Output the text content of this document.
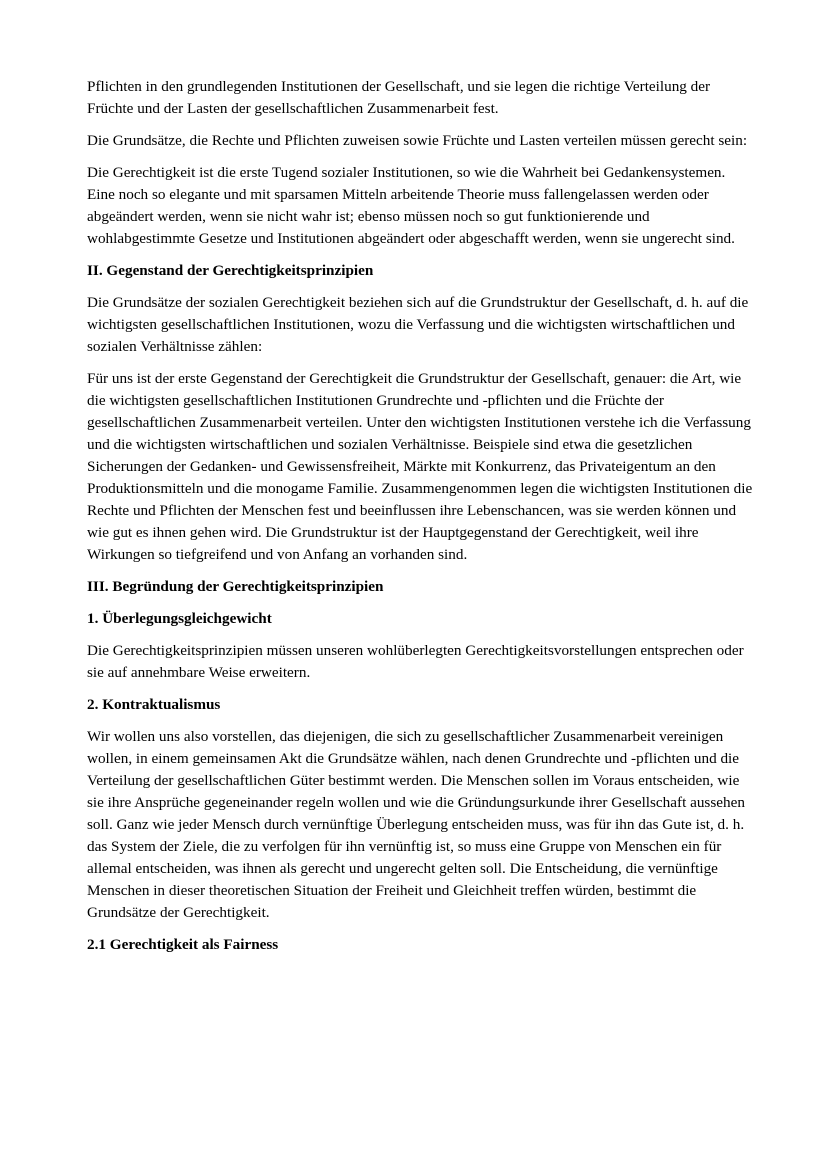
Pflichten in den grundlegenden Institutionen der Gesellschaft, und sie legen die richtige Verteilung der Früchte und der Lasten der gesellschaftlichen Zusammenarbeit fest.

Die Grundsätze, die Rechte und Pflichten zuweisen sowie Früchte und Lasten verteilen müssen gerecht sein:

Die Gerechtigkeit ist die erste Tugend sozialer Institutionen, so wie die Wahrheit bei Gedankensystemen. Eine noch so elegante und mit sparsamen Mitteln arbeitende Theorie muss fallengelassen werden oder abgeändert werden, wenn sie nicht wahr ist; ebenso müssen noch so gut funktionierende und wohlabgestimmte Gesetze und Institutionen abgeändert oder abgeschafft werden, wenn sie ungerecht sind.

II. Gegenstand der Gerechtigkeitsprinzipien

Die Grundsätze der sozialen Gerechtigkeit beziehen sich auf die Grundstruktur der Gesellschaft, d. h. auf die wichtigsten gesellschaftlichen Institutionen, wozu die Verfassung und die wichtigsten wirtschaftlichen und sozialen Verhältnisse zählen:

Für uns ist der erste Gegenstand der Gerechtigkeit die Grundstruktur der Gesellschaft, genauer: die Art, wie die wichtigsten gesellschaftlichen Institutionen Grundrechte und -pflichten und die Früchte der gesellschaftlichen Zusammenarbeit verteilen. Unter den wichtigsten Institutionen verstehe ich die Verfassung und die wichtigsten wirtschaftlichen und sozialen Verhältnisse. Beispiele sind etwa die gesetzlichen Sicherungen der Gedanken- und Gewissensfreiheit, Märkte mit Konkurrenz, das Privateigentum an den Produktionsmitteln und die monogame Familie. Zusammengenommen legen die wichtigsten Institutionen die Rechte und Pflichten der Menschen fest und beeinflussen ihre Lebenschancen, was sie werden können und wie gut es ihnen gehen wird. Die Grundstruktur ist der Hauptgegenstand der Gerechtigkeit, weil ihre Wirkungen so tiefgreifend und von Anfang an vorhanden sind.

III. Begründung der Gerechtigkeitsprinzipien
1. Überlegungsgleichgewicht

Die Gerechtigkeitsprinzipien müssen unseren wohlüberlegten Gerechtigkeitsvorstellungen entsprechen oder sie auf annehmbare Weise erweitern.

2. Kontraktualismus

Wir wollen uns also vorstellen, das diejenigen, die sich zu gesellschaftlicher Zusammenarbeit vereinigen wollen, in einem gemeinsamen Akt die Grundsätze wählen, nach denen Grundrechte und -pflichten und die Verteilung der gesellschaftlichen Güter bestimmt werden. Die Menschen sollen im Voraus entscheiden, wie sie ihre Ansprüche gegeneinander regeln wollen und wie die Gründungsurkunde ihrer Gesellschaft aussehen soll. Ganz wie jeder Mensch durch vernünftige Überlegung entscheiden muss, was für ihn das Gute ist, d. h. das System der Ziele, die zu verfolgen für ihn vernünftig ist, so muss eine Gruppe von Menschen ein für allemal entscheiden, was ihnen als gerecht und ungerecht gelten soll. Die Entscheidung, die vernünftige Menschen in dieser theoretischen Situation der Freiheit und Gleichheit treffen würden, bestimmt die Grundsätze der Gerechtigkeit.

2.1 Gerechtigkeit als Fairness
